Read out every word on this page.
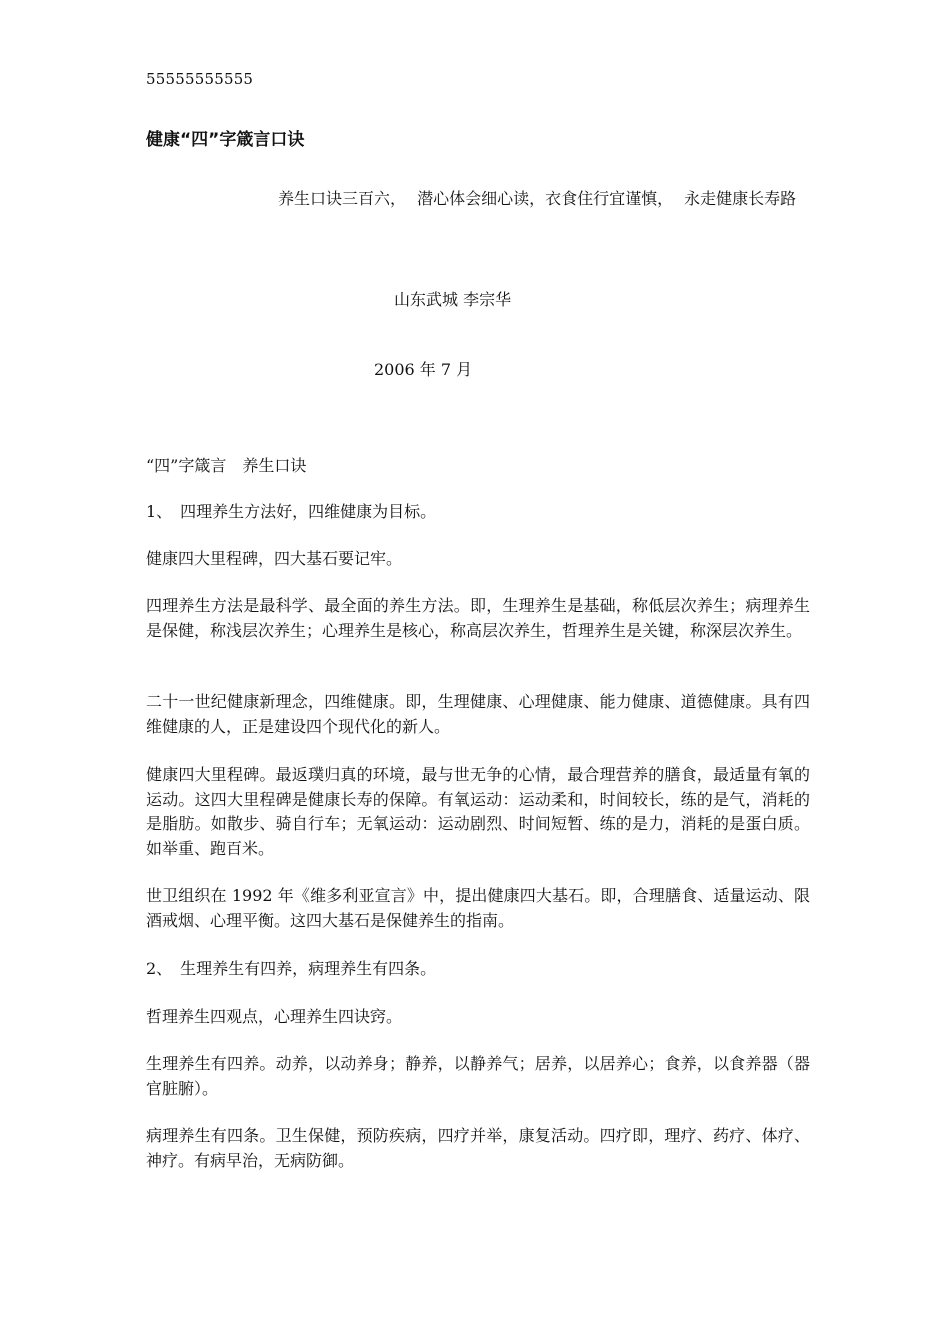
55555555555
健康“四”字箴言口诀

养生口诀三百六， 潜心体会细心读，衣食住行宜谨慎， 永走健康长寿路

山东武城 李宗华
2006 年 7 月
“四”字箴言　养生口诀

1、　四理养生方法好，四维健康为目标。

健康四大里程碑，四大基石要记牢。

四理养生方法是最科学、最全面的养生方法。即，生理养生是基础，称低层次养生；病理养生是保健，称浅层次养生；心理养生是核心，称高层次养生，哲理养生是关键，称深层次养生。

二十一世纪健康新理念，四维健康。即，生理健康、心理健康、能力健康、道德健康。具有四维健康的人，正是建设四个现代化的新人。

健康四大里程碑。最返璞归真的环境，最与世无争的心情，最合理营养的膳食，最适量有氧的运动。这四大里程碑是健康长寿的保障。有氧运动：运动柔和，时间较长，练的是气，消耗的是脂肪。如散步、骑自行车；无氧运动：运动剧烈、时间短暂、练的是力，消耗的是蛋白质。如举重、跑百米。

世卫组织在 1992 年《维多利亚宣言》中，提出健康四大基石。即，合理膳食、适量运动、限酒戒烟、心理平衡。这四大基石是保健养生的指南。

2、　生理养生有四养，病理养生有四条。

哲理养生四观点，心理养生四诀窍。

生理养生有四养。动养，以动养身；静养，以静养气；居养，以居养心；食养，以食养器（器官脏腑）。

病理养生有四条。卫生保健，预防疾病，四疗并举，康复活动。四疗即，理疗、药疗、体疗、神疗。有病早治，无病防御。
